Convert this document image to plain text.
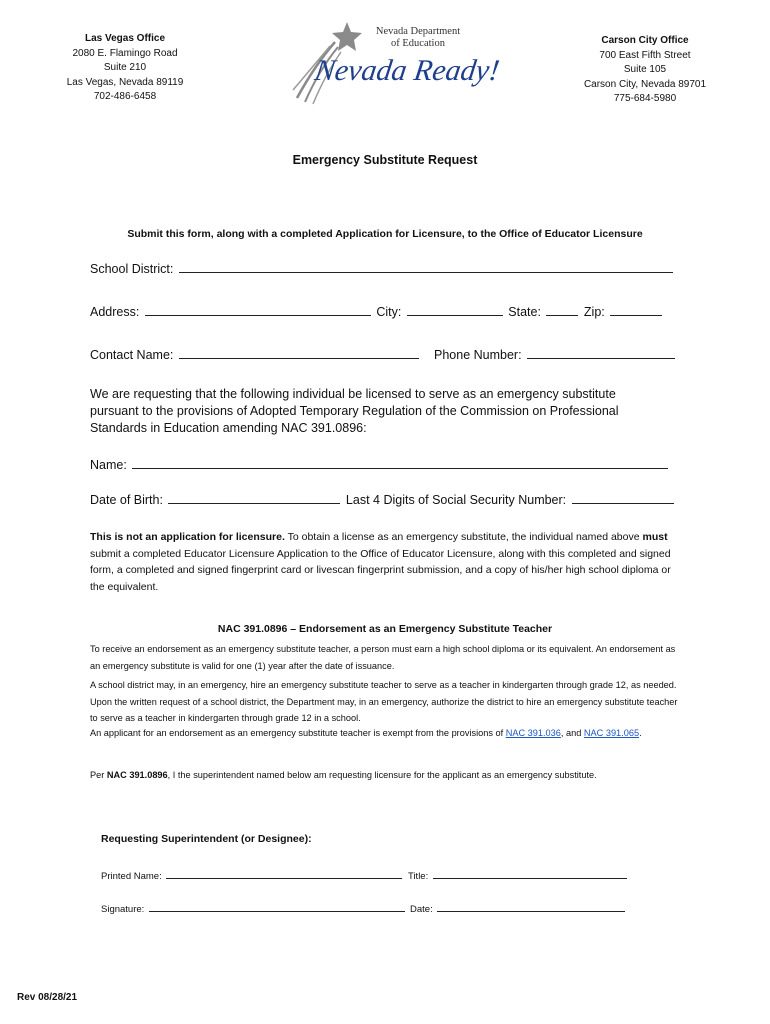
Las Vegas Office
2080 E. Flamingo Road
Suite 210
Las Vegas, Nevada 89119
702-486-6458
Nevada Department
of Education
Nevada Ready!
Carson City Office
700 East Fifth Street
Suite 105
Carson City, Nevada 89701
775-684-5980
Emergency Substitute Request
Submit this form, along with a completed Application for Licensure, to the Office of Educator Licensure
School District:
Address:	City:	State:	Zip:
Contact Name:	Phone Number:
We are requesting that the following individual be licensed to serve as an emergency substitute pursuant to the provisions of Adopted Temporary Regulation of the Commission on Professional Standards in Education amending NAC 391.0896:
Name:
Date of Birth:	Last 4 Digits of Social Security Number:
This is not an application for licensure. To obtain a license as an emergency substitute, the individual named above must submit a completed Educator Licensure Application to the Office of Educator Licensure, along with this completed and signed form, a completed and signed fingerprint card or livescan fingerprint submission, and a copy of his/her high school diploma or the equivalent.
NAC 391.0896 – Endorsement as an Emergency Substitute Teacher
To receive an endorsement as an emergency substitute teacher, a person must earn a high school diploma or its equivalent. An endorsement as an emergency substitute is valid for one (1) year after the date of issuance.
A school district may, in an emergency, hire an emergency substitute teacher to serve as a teacher in kindergarten through grade 12, as needed. Upon the written request of a school district, the Department may, in an emergency, authorize the district to hire an emergency substitute teacher to serve as a teacher in kindergarten through grade 12 in a school.
An applicant for an endorsement as an emergency substitute teacher is exempt from the provisions of NAC 391.036, and NAC 391.065.
Per NAC 391.0896, I the superintendent named below am requesting licensure for the applicant as an emergency substitute.
Requesting Superintendent (or Designee):
Printed Name:	Title:
Signature:	Date:
Rev 08/28/21
